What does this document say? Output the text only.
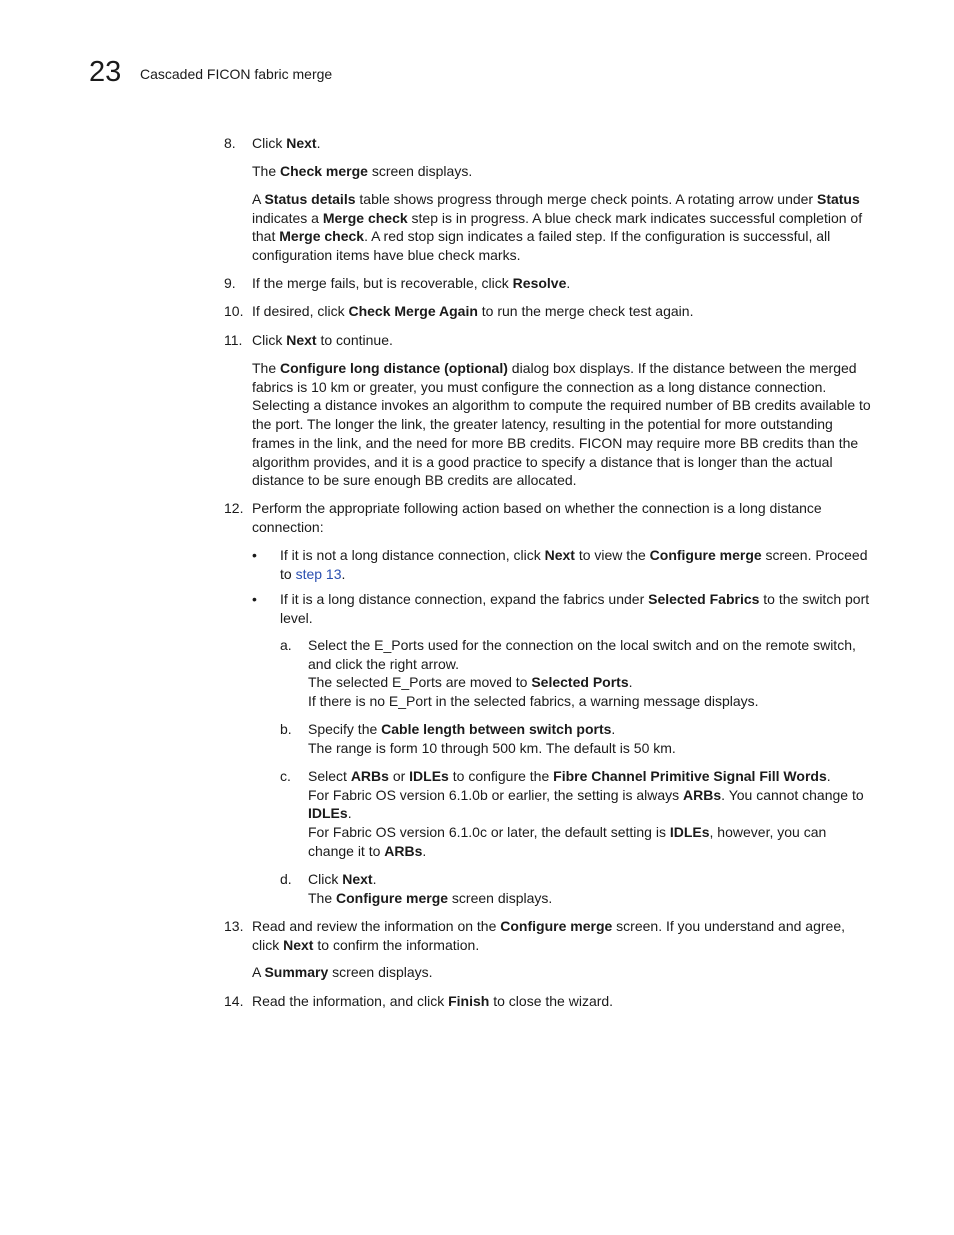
23 Cascaded FICON fabric merge
8.	Click Next.

The Check merge screen displays.

A Status details table shows progress through merge check points. A rotating arrow under Status indicates a Merge check step is in progress. A blue check mark indicates successful completion of that Merge check. A red stop sign indicates a failed step. If the configuration is successful, all configuration items have blue check marks.

9.	If the merge fails, but is recoverable, click Resolve.

10. If desired, click Check Merge Again to run the merge check test again.

11. Click Next to continue.

The Configure long distance (optional) dialog box displays. If the distance between the merged fabrics is 10 km or greater, you must configure the connection as a long distance connection. Selecting a distance invokes an algorithm to compute the required number of BB credits available to the port. The longer the link, the greater latency, resulting in the potential for more outstanding frames in the link, and the need for more BB credits. FICON may require more BB credits than the algorithm provides, and it is a good practice to specify a distance that is longer than the actual distance to be sure enough BB credits are allocated.

12. Perform the appropriate following action based on whether the connection is a long distance connection:

•	If it is not a long distance connection, click Next to view the Configure merge screen. Proceed to step 13.

•	If it is a long distance connection, expand the fabrics under Selected Fabrics to the switch port level.

a.	Select the E_Ports used for the connection on the local switch and on the remote switch, and click the right arrow.

The selected E_Ports are moved to Selected Ports.

If there is no E_Port in the selected fabrics, a warning message displays.

b.	Specify the Cable length between switch ports.

The range is form 10 through 500 km. The default is 50 km.

c.	Select ARBs or IDLEs to configure the Fibre Channel Primitive Signal Fill Words.

For Fabric OS version 6.1.0b or earlier, the setting is always ARBs. You cannot change to IDLEs.

For Fabric OS version 6.1.0c or later, the default setting is IDLEs, however, you can change it to ARBs.

d.	Click Next.

The Configure merge screen displays.

13. Read and review the information on the Configure merge screen. If you understand and agree, click Next to confirm the information.

A Summary screen displays.

14. Read the information, and click Finish to close the wizard.
